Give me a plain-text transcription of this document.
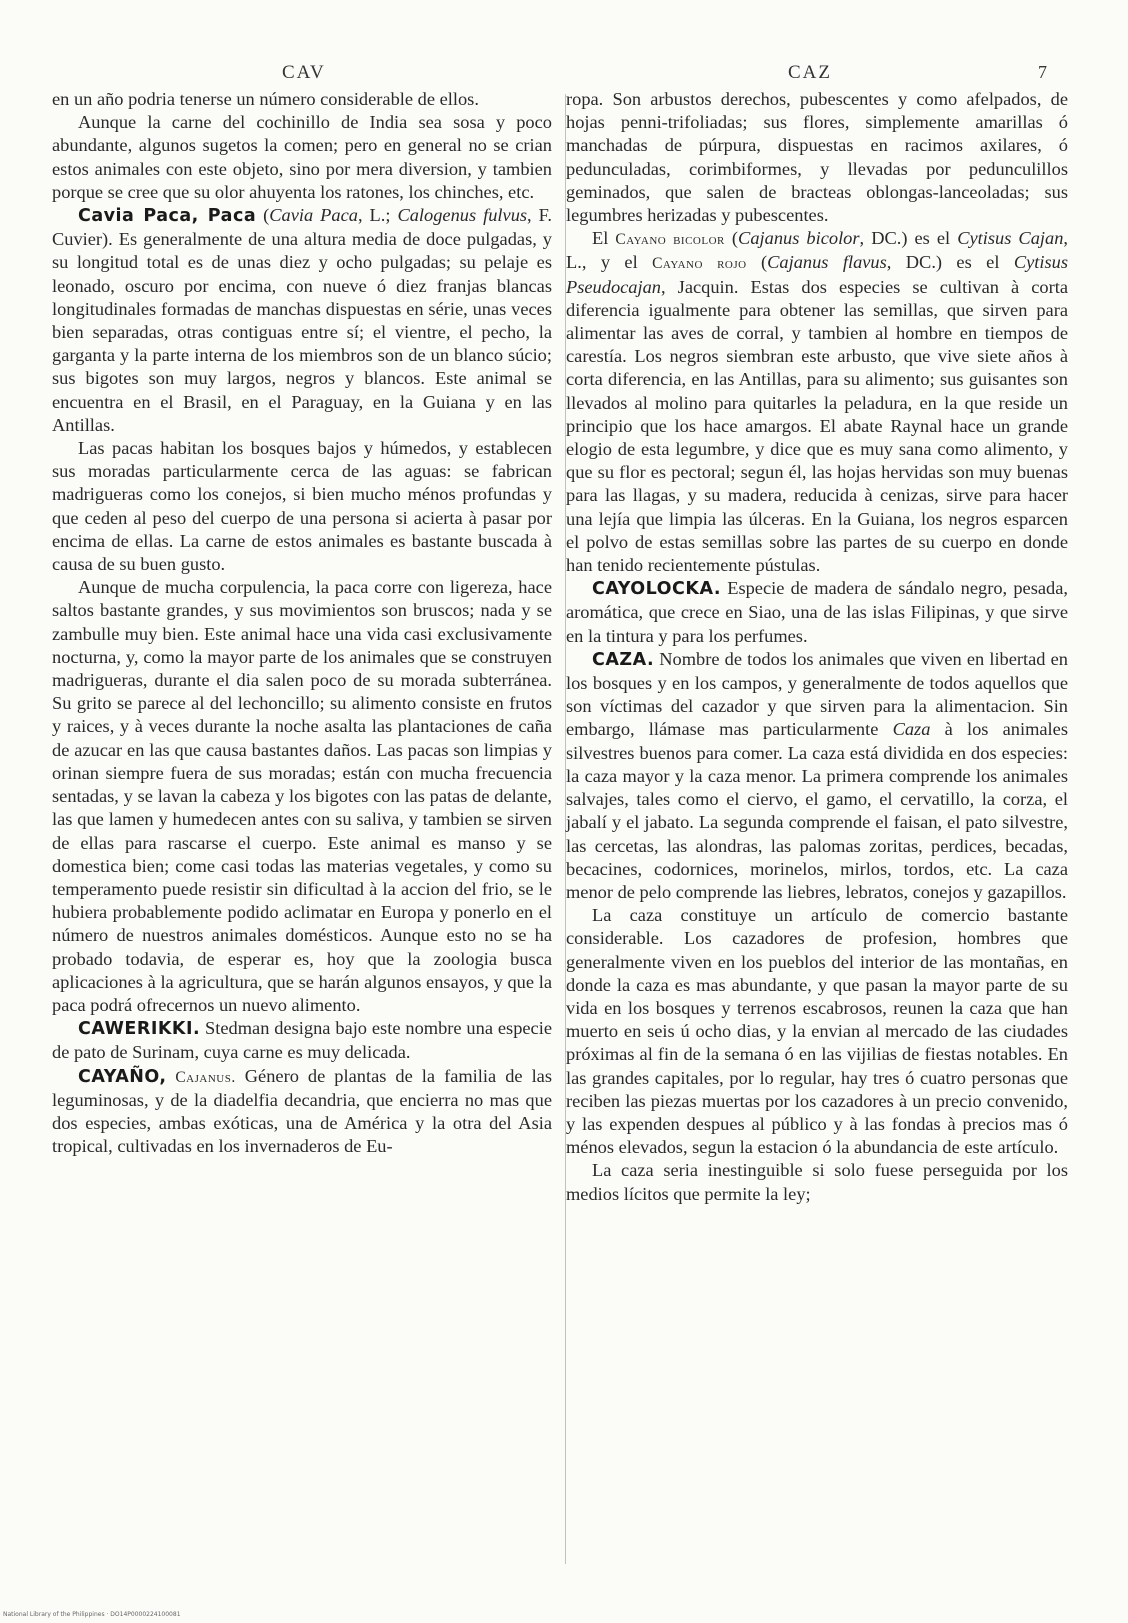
CAV	CAZ	7

en un año podria tenerse un número considerable de ellos.

Aunque la carne del cochinillo de India sea sosa y poco abundante, algunos sugetos la comen; pero en general no se crian estos animales con este objeto, sino por mera diversion, y tambien porque se cree que su olor ahuyenta los ratones, los chinches, etc.

Cavia Paca, Paca (Cavia Paca, L.; Calogenus fulvus, F. Cuvier). Es generalmente de una altura media de doce pulgadas, y su longitud total es de unas diez y ocho pulgadas; su pelaje es leonado, oscuro por encima, con nueve ó diez franjas blancas longitudinales formadas de manchas dispuestas en série, unas veces bien separadas, otras contiguas entre sí; el vientre, el pecho, la garganta y la parte interna de los miembros son de un blanco súcio; sus bigotes son muy largos, negros y blancos. Este animal se encuentra en el Brasil, en el Paraguay, en la Guiana y en las Antillas.

Las pacas habitan los bosques bajos y húmedos, y establecen sus moradas particularmente cerca de las aguas: se fabrican madrigueras como los conejos, si bien mucho ménos profundas y que ceden al peso del cuerpo de una persona si acierta à pasar por encima de ellas. La carne de estos animales es bastante buscada à causa de su buen gusto.

Aunque de mucha corpulencia, la paca corre con ligereza, hace saltos bastante grandes, y sus movimientos son bruscos; nada y se zambulle muy bien. Este animal hace una vida casi exclusivamente nocturna, y, como la mayor parte de los animales que se construyen madrigueras, durante el dia salen poco de su morada subterránea. Su grito se parece al del lechoncillo; su alimento consiste en frutos y raices, y à veces durante la noche asalta las plantaciones de caña de azucar en las que causa bastantes daños. Las pacas son limpias y orinan siempre fuera de sus moradas; están con mucha frecuencia sentadas, y se lavan la cabeza y los bigotes con las patas de delante, las que lamen y humedecen antes con su saliva, y tambien se sirven de ellas para rascarse el cuerpo. Este animal es manso y se domestica bien; come casi todas las materias vegetales, y como su temperamento puede resistir sin dificultad à la accion del frio, se le hubiera probablemente podido aclimatar en Europa y ponerlo en el número de nuestros animales domésticos. Aunque esto no se ha probado todavia, de esperar es, hoy que la zoologia busca aplicaciones à la agricultura, que se harán algunos ensayos, y que la paca podrá ofrecernos un nuevo alimento.

CAWERIKKI. Stedman designa bajo este nombre una especie de pato de Surinam, cuya carne es muy delicada.

CAYAÑO, Cajanus. Género de plantas de la familia de las leguminosas, y de la diadelfia decandria, que encierra no mas que dos especies, ambas exóticas, una de América y la otra del Asia tropical, cultivadas en los invernaderos de Eu-

ropa. Son arbustos derechos, pubescentes y como afelpados, de hojas penni-trifoliadas; sus flores, simplemente amarillas ó manchadas de púrpura, dispuestas en racimos axilares, ó pedunculadas, corimbiformes, y llevadas por pedunculillos geminados, que salen de bracteas oblongas-lanceoladas; sus legumbres herizadas y pubescentes.

El Cayano bicolor (Cajanus bicolor, DC.) es el Cytisus Cajan, L., y el Cayano rojo (Cajanus flavus, DC.) es el Cytisus Pseudocajan, Jacquin. Estas dos especies se cultivan à corta diferencia igualmente para obtener las semillas, que sirven para alimentar las aves de corral, y tambien al hombre en tiempos de carestía. Los negros siembran este arbusto, que vive siete años à corta diferencia, en las Antillas, para su alimento; sus guisantes son llevados al molino para quitarles la peladura, en la que reside un principio que los hace amargos. El abate Raynal hace un grande elogio de esta legumbre, y dice que es muy sana como alimento, y que su flor es pectoral; segun él, las hojas hervidas son muy buenas para las llagas, y su madera, reducida à cenizas, sirve para hacer una lejía que limpia las úlceras. En la Guiana, los negros esparcen el polvo de estas semillas sobre las partes de su cuerpo en donde han tenido recientemente pústulas.

CAYOLOCKA. Especie de madera de sándalo negro, pesada, aromática, que crece en Siao, una de las islas Filipinas, y que sirve en la tintura y para los perfumes.

CAZA. Nombre de todos los animales que viven en libertad en los bosques y en los campos, y generalmente de todos aquellos que son víctimas del cazador y que sirven para la alimentacion. Sin embargo, llámase mas particularmente Caza à los animales silvestres buenos para comer. La caza está dividida en dos especies: la caza mayor y la caza menor. La primera comprende los animales salvajes, tales como el ciervo, el gamo, el cervatillo, la corza, el jabalí y el jabato. La segunda comprende el faisan, el pato silvestre, las cercetas, las alondras, las palomas zoritas, perdices, becadas, becacines, codornices, morinelos, mirlos, tordos, etc. La caza menor de pelo comprende las liebres, lebratos, conejos y gazapillos.

La caza constituye un artículo de comercio bastante considerable. Los cazadores de profesion, hombres que generalmente viven en los pueblos del interior de las montañas, en donde la caza es mas abundante, y que pasan la mayor parte de su vida en los bosques y terrenos escabrosos, reunen la caza que han muerto en seis ú ocho dias, y la envian al mercado de las ciudades próximas al fin de la semana ó en las vijilias de fiestas notables. En las grandes capitales, por lo regular, hay tres ó cuatro personas que reciben las piezas muertas por los cazadores à un precio convenido, y las expenden despues al público y à las fondas à precios mas ó ménos elevados, segun la estacion ó la abundancia de este artículo.

La caza seria inestinguible si solo fuese perseguida por los medios lícitos que permite la ley;

National Library of the Philippines · DO14P0000224100081
